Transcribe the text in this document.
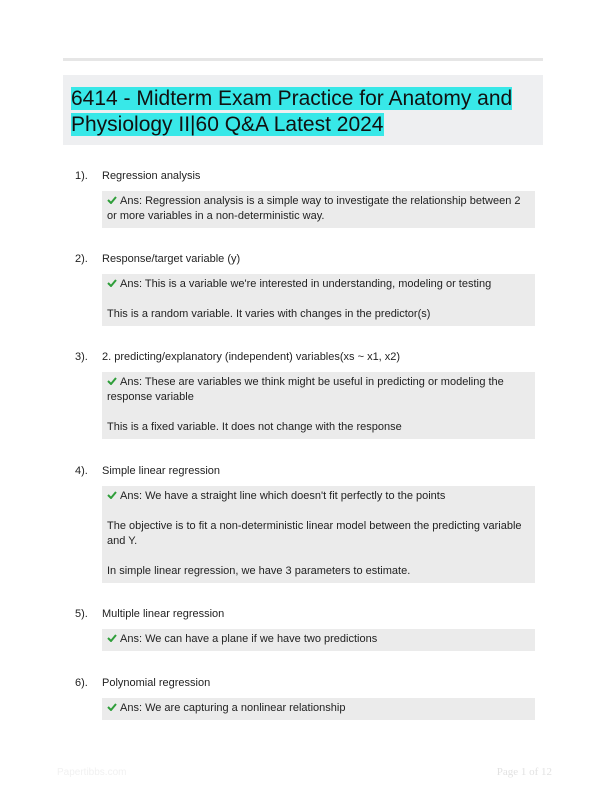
6414 - Midterm Exam Practice for Anatomy and Physiology II|60 Q&A Latest 2024
1).	Regression analysis

Ans: Regression analysis is a simple way to investigate the relationship between 2 or more variables in a non-deterministic way.

2).	Response/target variable (y)

Ans: This is a variable we're interested in understanding, modeling or testing

This is a random variable. It varies with changes in the predictor(s)

3).	2. predicting/explanatory (independent) variables(xs ~ x1, x2)

Ans: These are variables we think might be useful in predicting or modeling the response variable

This is a fixed variable. It does not change with the response

4).	Simple linear regression

Ans: We have a straight line which doesn't fit perfectly to the points

The objective is to fit a non-deterministic linear model between the predicting variable and Y.

In simple linear regression, we have 3 parameters to estimate.

5).	Multiple linear regression

Ans: We can have a plane if we have two predictions

6).	Polynomial regression

Ans: We are capturing a nonlinear relationship

Papertibbs.com	Page 1 of 12
